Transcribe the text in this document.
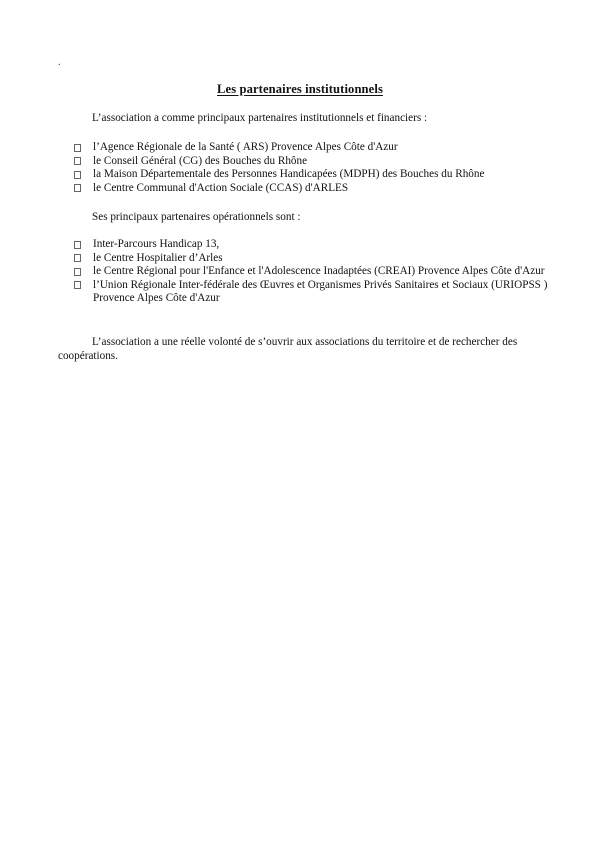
.
Les partenaires institutionnels

L’association a comme principaux partenaires institutionnels et financiers :

l’Agence Régionale de la Santé ( ARS) Provence Alpes Côte d'Azur
le Conseil Général (CG) des Bouches du Rhône
la Maison Départementale des Personnes Handicapées (MDPH) des Bouches du Rhône
le Centre Communal d'Action Sociale (CCAS) d'ARLES

Ses principaux partenaires opérationnels sont :

Inter-Parcours Handicap 13,
le Centre Hospitalier d’Arles
le Centre Régional pour l'Enfance et l'Adolescence Inadaptées (CREAI) Provence Alpes Côte d'Azur
l’Union Régionale Inter-fédérale des Œuvres et Organismes Privés Sanitaires et Sociaux (URIOPSS ) Provence Alpes Côte d'Azur

L’association a une réelle volonté de s’ouvrir aux associations du territoire et de rechercher des coopérations.
